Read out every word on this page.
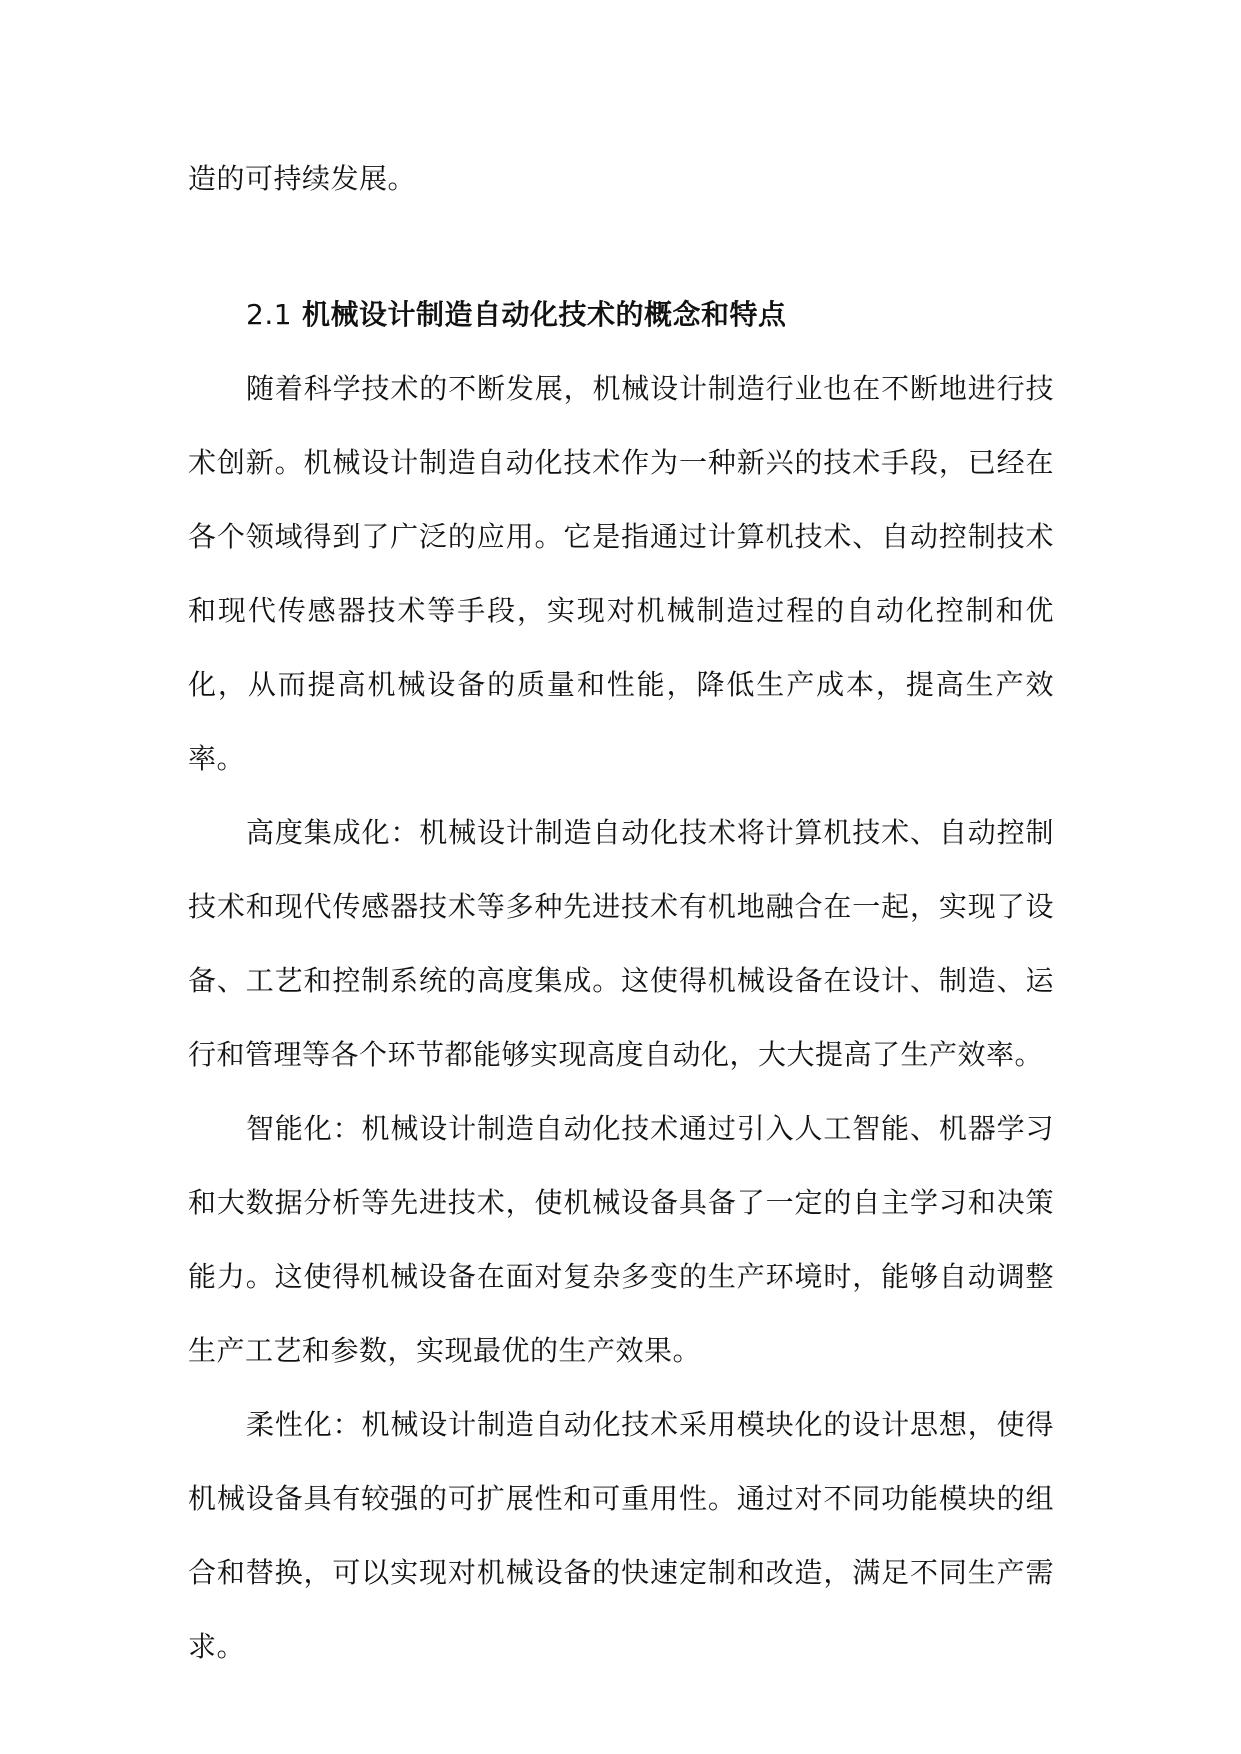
造的可持续发展。

2.1 机械设计制造自动化技术的概念和特点

随着科学技术的不断发展，机械设计制造行业也在不断地进行技术创新。机械设计制造自动化技术作为一种新兴的技术手段，已经在各个领域得到了广泛的应用。它是指通过计算机技术、自动控制技术和现代传感器技术等手段，实现对机械制造过程的自动化控制和优化，从而提高机械设备的质量和性能，降低生产成本，提高生产效率。

高度集成化：机械设计制造自动化技术将计算机技术、自动控制技术和现代传感器技术等多种先进技术有机地融合在一起，实现了设备、工艺和控制系统的高度集成。这使得机械设备在设计、制造、运行和管理等各个环节都能够实现高度自动化，大大提高了生产效率。

智能化：机械设计制造自动化技术通过引入人工智能、机器学习和大数据分析等先进技术，使机械设备具备了一定的自主学习和决策能力。这使得机械设备在面对复杂多变的生产环境时，能够自动调整生产工艺和参数，实现最优的生产效果。

柔性化：机械设计制造自动化技术采用模块化的设计思想，使得机械设备具有较强的可扩展性和可重用性。通过对不同功能模块的组合和替换，可以实现对机械设备的快速定制和改造，满足不同生产需求。
